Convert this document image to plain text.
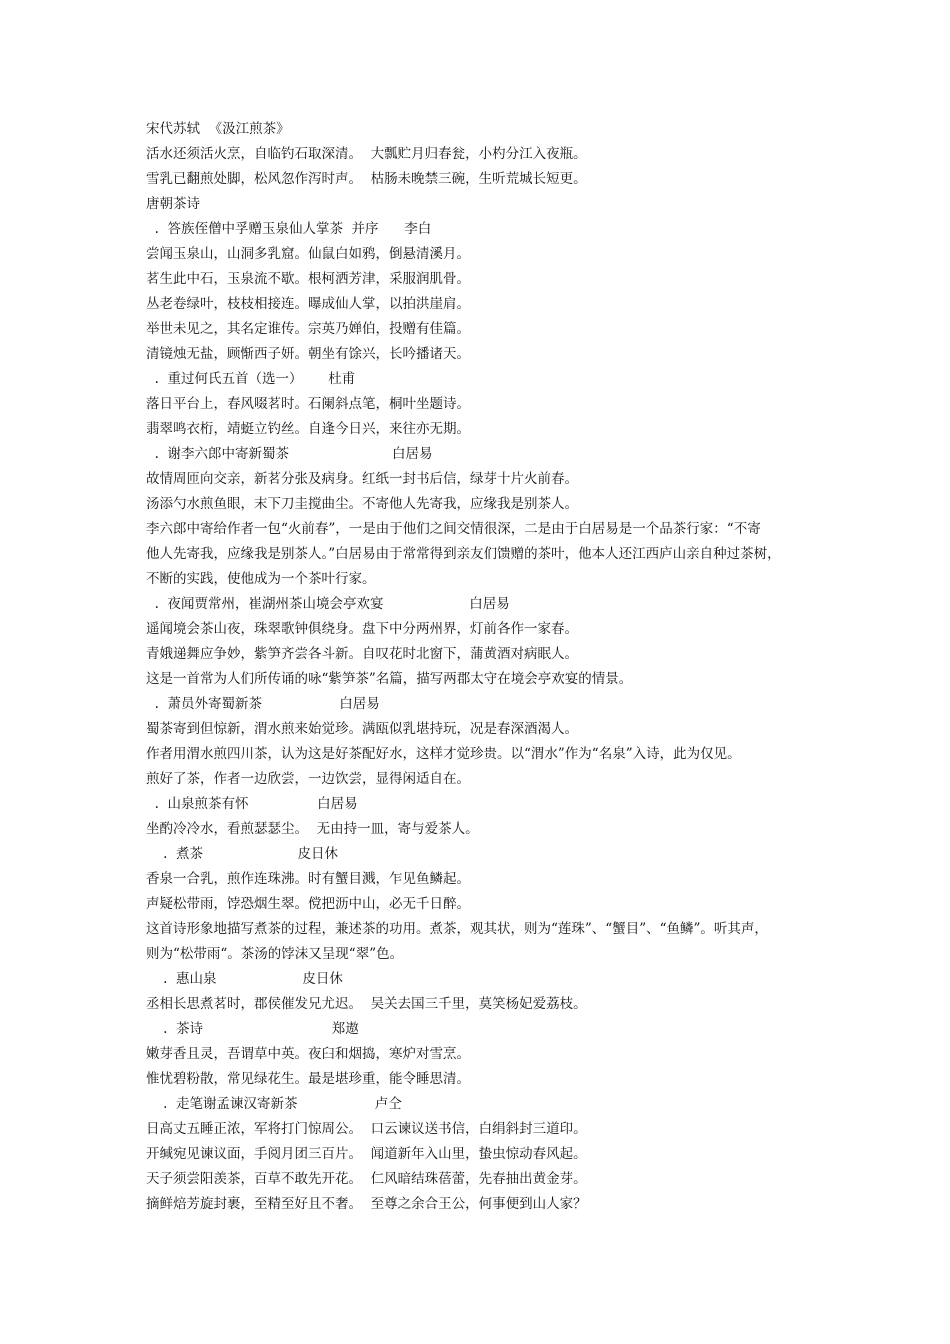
宋代苏轼  《汲江煎茶》
活水还须活火烹，自临钓石取深清。  大瓢贮月归春瓮，小杓分江入夜瓶。
雪乳已翻煎处脚，松风忽作泻时声。  枯肠未晚禁三碗，生听荒城长短更。
唐朝茶诗
.  答族侄僧中孚赠玉泉仙人掌茶  并序      李白
尝闻玉泉山，山洞多乳窟。仙鼠白如鸦，倒悬清溪月。
茗生此中石，玉泉流不歇。根柯洒芳津，采服润肌骨。
丛老卷绿叶，枝枝相接连。曝成仙人掌，以拍洪崖肩。
举世未见之，其名定谁传。宗英乃婵伯，投赠有佳篇。
清镜烛无盐，顾惭西子妍。朝坐有馀兴，长吟播诸天。
.  重过何氏五首（选一）      杜甫
落日平台上，春风啜茗时。石阑斜点笔，桐叶坐题诗。
翡翠鸣衣桁，靖蜓立钓丝。自逢今日兴，来往亦无期。
.  谢李六郎中寄新蜀茶                        白居易
故情周匝向交亲，新茗分张及病身。红纸一封书后信，绿芽十片火前春。
汤添勺水煎鱼眼，末下刀圭搅曲尘。不寄他人先寄我，应缘我是别茶人。
李六郎中寄给作者一包“火前春”，一是由于他们之间交情很深，二是由于白居易是一个品茶行家：“不寄
他人先寄我，应缘我是别茶人。”白居易由于常常得到亲友们馈赠的茶叶，他本人还江西庐山亲自种过茶树，
不断的实践，使他成为一个茶叶行家。
.  夜闻贾常州，崔湖州茶山境会亭欢宴                    白居易
遥闻境会茶山夜，珠翠歌钟俱绕身。盘下中分两州界，灯前各作一家春。
青娥递舞应争妙，紫笋齐尝各斗新。自叹花时北窗下，蒲黄酒对病眠人。
这是一首常为人们所传诵的咏“紫笋茶”名篇，描写两郡太守在境会亭欢宴的情景。
.  萧员外寄蜀新茶                  白居易
蜀茶寄到但惊新，渭水煎来始觉珍。满瓯似乳堪持玩，况是春深酒渴人。
作者用渭水煎四川茶，认为这是好茶配好水，这样才觉珍贵。以“渭水”作为“名泉”入诗，此为仅见。
煎好了茶，作者一边欣尝，一边饮尝，显得闲适自在。
.  山泉煎茶有怀                白居易
坐酌冷冷水，看煎瑟瑟尘。  无由持一皿，寄与爱茶人。
.  煮茶                      皮日休
香泉一合乳，煎作连珠沸。时有蟹目溅，乍见鱼鳞起。
声疑松带雨，饽恐烟生翠。傥把沥中山，必无千日醉。
这首诗形象地描写煮茶的过程，兼述茶的功用。煮茶，观其状，则为“莲珠”、“蟹目”、“鱼鳞”。听其声，
则为“松带雨“。茶汤的饽沫又呈现“翠”色。
.  惠山泉                    皮日休
丞相长思煮茗时，郡侯催发兄尤迟。  吴关去国三千里，莫笑杨妃爱荔枝。
.  茶诗                              郑遨
嫩芽香且灵，吾谓草中英。夜臼和烟捣，寒炉对雪烹。
惟忧碧粉散，常见绿花生。最是堪珍重，能令睡思清。
.  走笔谢孟谏汉寄新茶                  卢仝
日高丈五睡正浓，军将打门惊周公。  口云谏议送书信，白绢斜封三道印。
开缄宛见谏议面，手阅月团三百片。  闻道新年入山里，蛰虫惊动春风起。
天子须尝阳羡茶，百草不敢先开花。  仁风暗结珠蓓蕾，先春抽出黄金芽。
摘鲜焙芳旋封裹，至精至好且不奢。  至尊之余合王公，何事便到山人家？
